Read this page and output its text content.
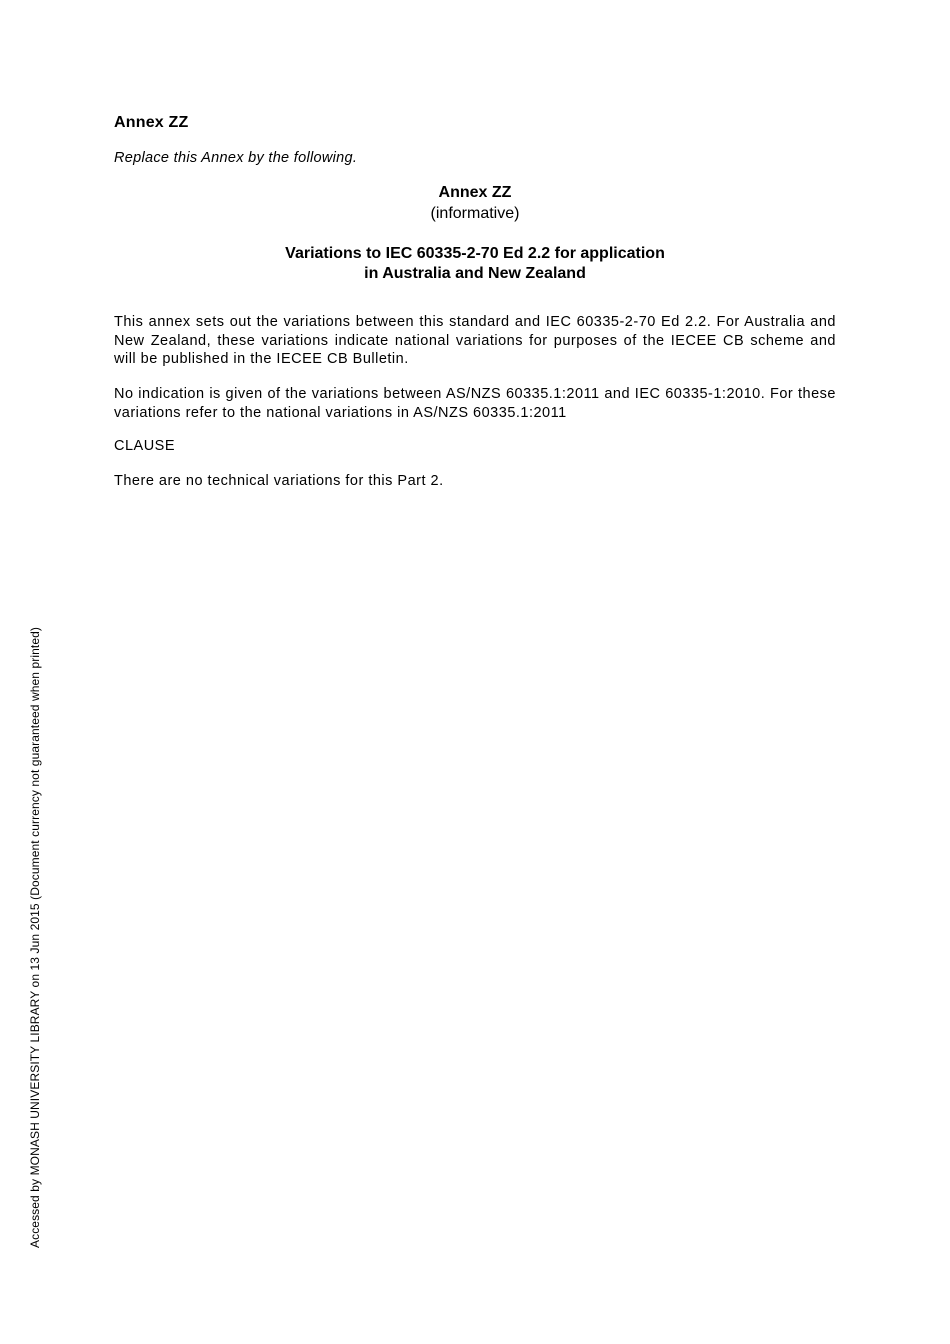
Annex ZZ
Replace this Annex by the following.
Annex ZZ
(informative)
Variations to IEC 60335-2-70 Ed 2.2 for application
in Australia and New Zealand
This annex sets out the variations between this standard and IEC 60335-2-70 Ed 2.2. For Australia and New Zealand, these variations indicate national variations for purposes of the IECEE CB scheme and will be published in the IECEE CB Bulletin.
No indication is given of the variations between AS/NZS 60335.1:2011 and IEC 60335-1:2010. For these variations refer to the national variations in AS/NZS 60335.1:2011
CLAUSE
There are no technical variations for this Part 2.
Accessed by MONASH UNIVERSITY LIBRARY on 13 Jun 2015 (Document currency not guaranteed when printed)
